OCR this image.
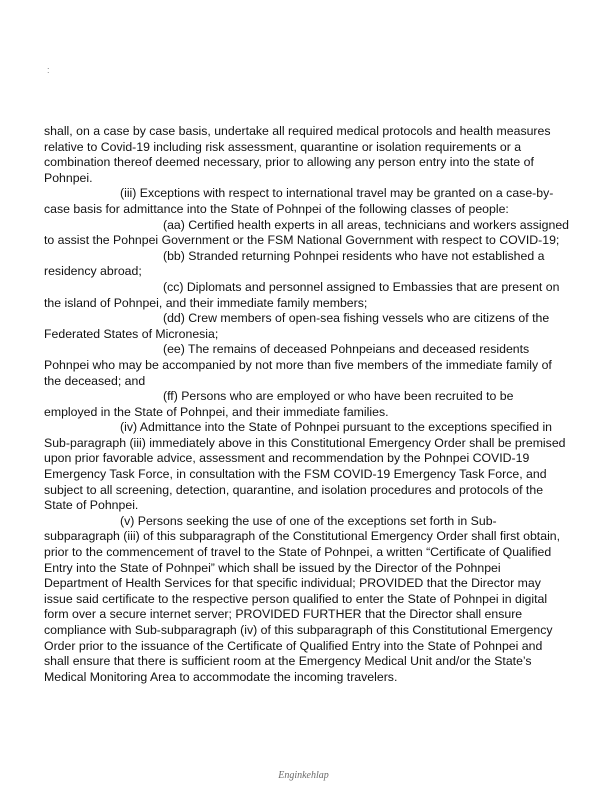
:
shall, on a case by case basis, undertake all required medical protocols and health measures
relative to Covid-19 including risk assessment, quarantine or isolation requirements or a
combination thereof deemed necessary, prior to allowing any person entry into the state of
Pohnpei.
(iii) Exceptions with respect to international travel may be granted on a case-by-
case basis for admittance into the State of Pohnpei of the following classes of people:
(aa) Certified health experts in all areas, technicians and workers assigned
to assist the Pohnpei Government or the FSM National Government with respect to COVID-19;
(bb) Stranded returning Pohnpei residents who have not established a
residency abroad;
(cc) Diplomats and personnel assigned to Embassies that are present on
the island of Pohnpei, and their immediate family members;
(dd) Crew members of open-sea fishing vessels who are citizens of the
Federated States of Micronesia;
(ee) The remains of deceased Pohnpeians and deceased residents
Pohnpei who may be accompanied by not more than five members of the immediate family of
the deceased; and
(ff) Persons who are employed or who have been recruited to be
employed in the State of Pohnpei, and their immediate families.
(iv) Admittance into the State of Pohnpei pursuant to the exceptions specified in
Sub-paragraph (iii) immediately above in this Constitutional Emergency Order shall be premised
upon prior favorable advice, assessment and recommendation by the Pohnpei COVID-19
Emergency Task Force, in consultation with the FSM COVID-19 Emergency Task Force, and
subject to all screening, detection, quarantine, and isolation procedures and protocols of the
State of Pohnpei.
(v) Persons seeking the use of one of the exceptions set forth in Sub-
subparagraph (iii) of this subparagraph of the Constitutional Emergency Order shall first obtain,
prior to the commencement of travel to the State of Pohnpei, a written “Certificate of Qualified
Entry into the State of Pohnpei” which shall be issued by the Director of the Pohnpei
Department of Health Services for that specific individual; PROVIDED that the Director may
issue said certificate to the respective person qualified to enter the State of Pohnpei in digital
form over a secure internet server; PROVIDED FURTHER that the Director shall ensure
compliance with Sub-subparagraph (iv) of this subparagraph of this Constitutional Emergency
Order prior to the issuance of the Certificate of Qualified Entry into the State of Pohnpei and
shall ensure that there is sufficient room at the Emergency Medical Unit and/or the State’s
Medical Monitoring Area to accommodate the incoming travelers.
Enginkehlap
